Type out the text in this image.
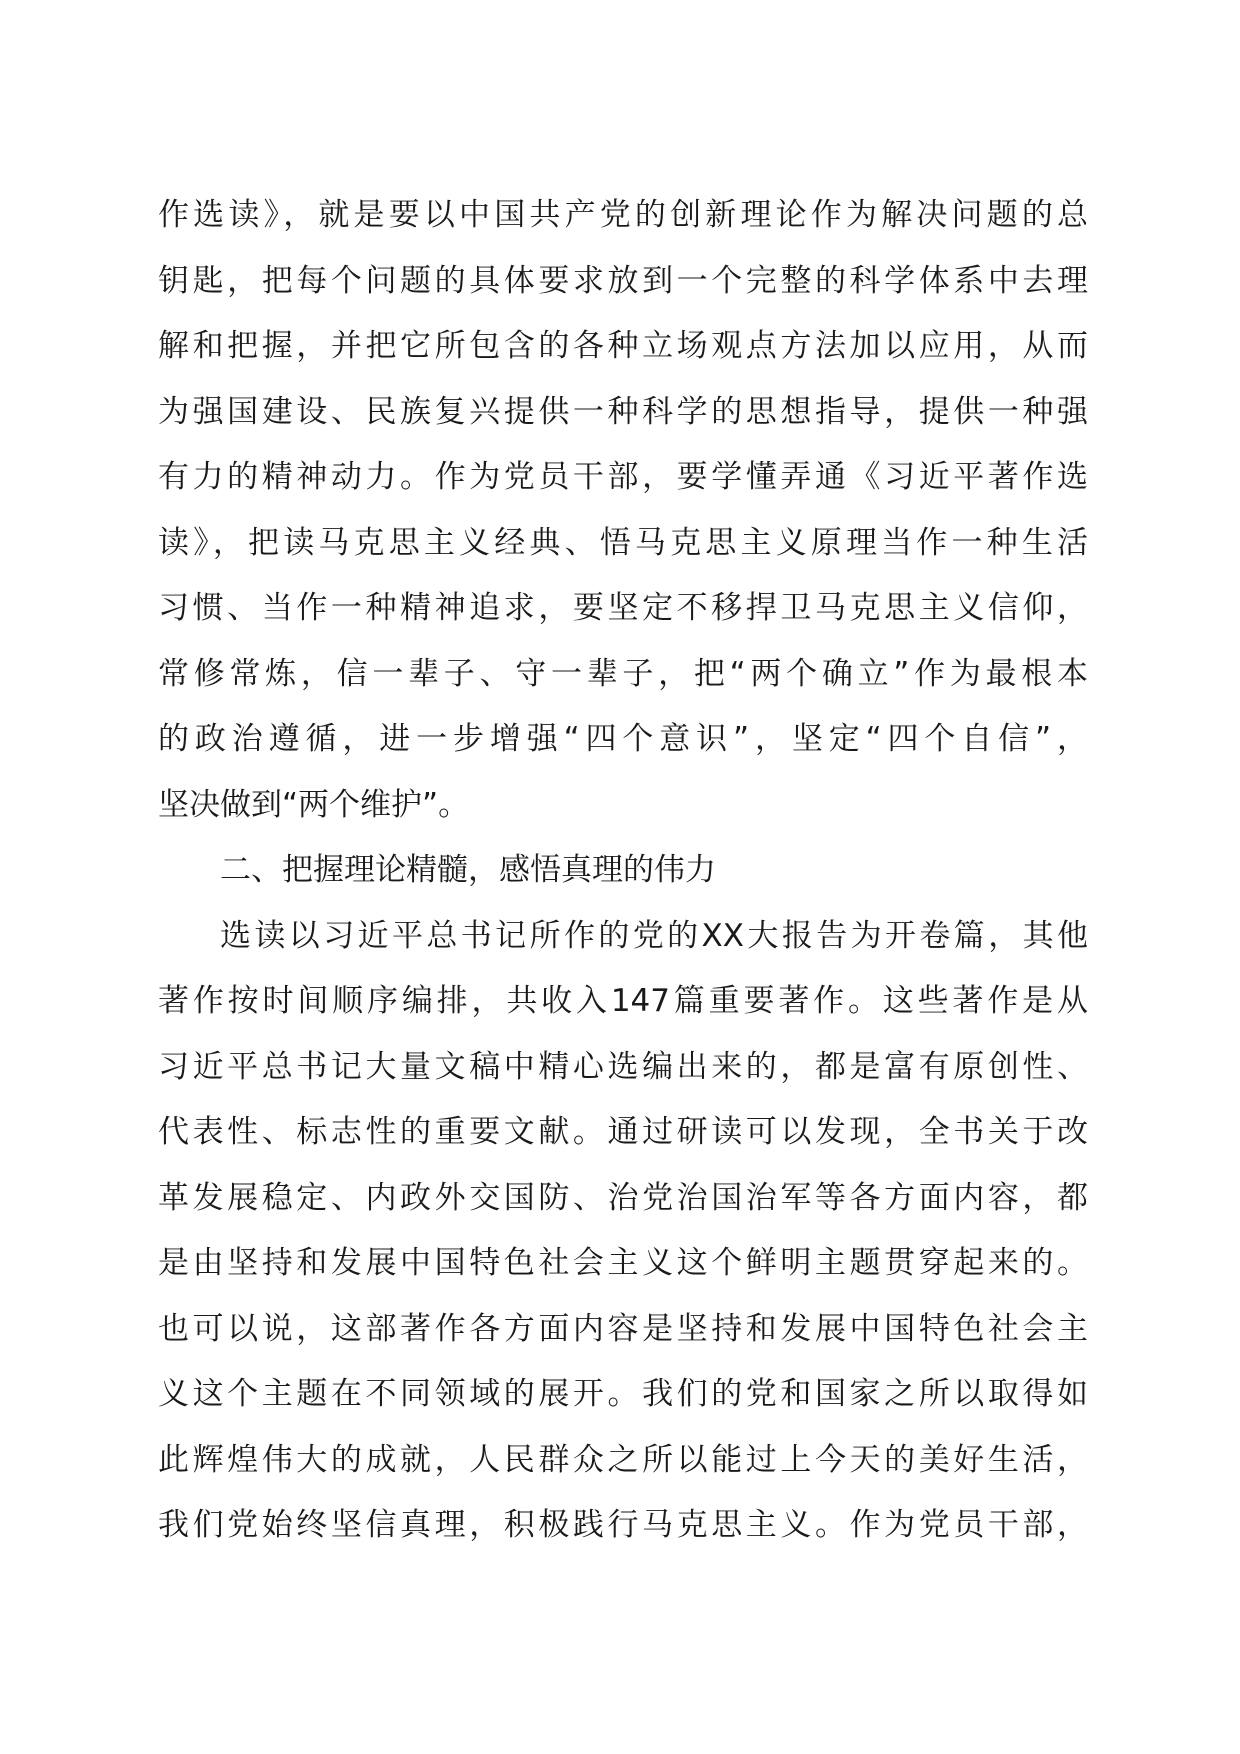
作选读》，就是要以中国共产党的创新理论作为解决问题的总
钥匙，把每个问题的具体要求放到一个完整的科学体系中去理
解和把握，并把它所包含的各种立场观点方法加以应用，从而
为强国建设、民族复兴提供一种科学的思想指导，提供一种强
有力的精神动力。作为党员干部，要学懂弄通《习近平著作选
读》，把读马克思主义经典、悟马克思主义原理当作一种生活
习惯、当作一种精神追求，要坚定不移捍卫马克思主义信仰，
常修常炼，信一辈子、守一辈子，把“两个确立”作为最根本
的政治遵循，进一步增强“四个意识”，坚定“四个自信”，
坚决做到“两个维护”。
二、把握理论精髓，感悟真理的伟力
选读以习近平总书记所作的党的XX大报告为开卷篇，其他
著作按时间顺序编排，共收入147篇重要著作。这些著作是从
习近平总书记大量文稿中精心选编出来的，都是富有原创性、
代表性、标志性的重要文献。通过研读可以发现，全书关于改
革发展稳定、内政外交国防、治党治国治军等各方面内容，都
是由坚持和发展中国特色社会主义这个鲜明主题贯穿起来的。
也可以说，这部著作各方面内容是坚持和发展中国特色社会主
义这个主题在不同领域的展开。我们的党和国家之所以取得如
此辉煌伟大的成就，人民群众之所以能过上今天的美好生活，
我们党始终坚信真理，积极践行马克思主义。作为党员干部，
